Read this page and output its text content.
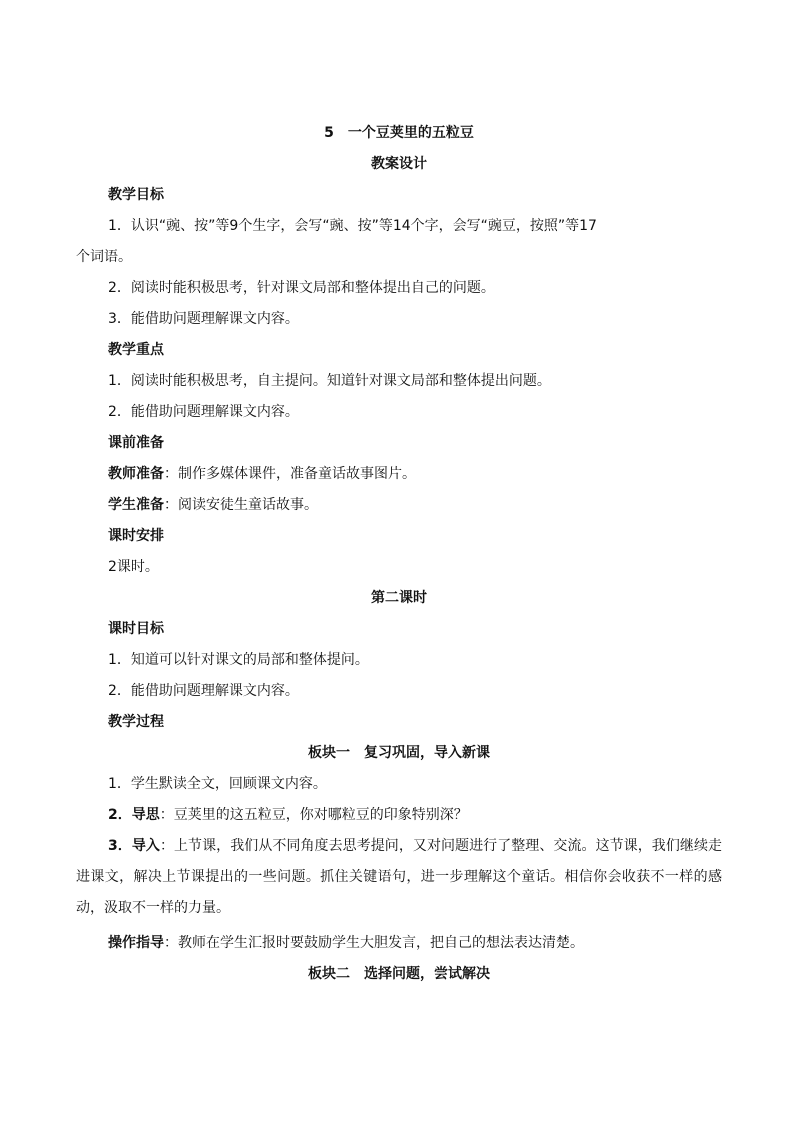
5　 一个豆荚里的五粒豆
教案设计
教学目标
1．认识“豌、按”等9个生字，会写“豌、按”等14个字，会写“豌豆，按照”等17
个词语。
2．阅读时能积极思考，针对课文局部和整体提出自己的问题。
3．能借助问题理解课文内容。
教学重点
1．阅读时能积极思考，自主提问。知道针对课文局部和整体提出问题。
2．能借助问题理解课文内容。
课前准备
教师准备：制作多媒体课件，准备童话故事图片。
学生准备：阅读安徒生童话故事。
课时安排
2课时。
第二课时
课时目标
1．知道可以针对课文的局部和整体提问。
2．能借助问题理解课文内容。
教学过程
板块一　复习巩固，导入新课
1．学生默读全文，回顾课文内容。
2．导思：豆荚里的这五粒豆，你对哪粒豆的印象特别深？
3．导入：上节课，我们从不同角度去思考提问，又对问题进行了整理、交流。这节课，我们继续走进课文，解决上节课提出的一些问题。抓住关键语句，进一步理解这个童话。相信你会收获不一样的感动，汲取不一样的力量。
操作指导：教师在学生汇报时要鼓励学生大胆发言，把自己的想法表达清楚。
板块二　选择问题，尝试解决
